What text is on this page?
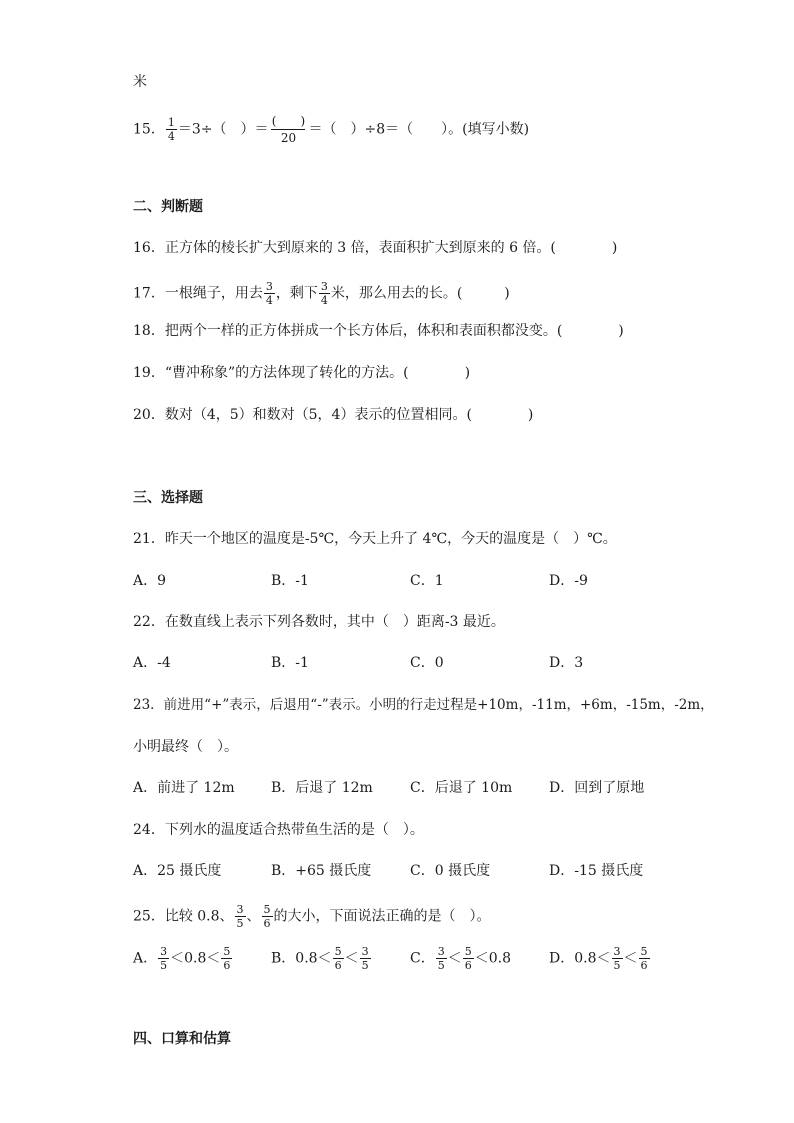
米
15． $\frac{1}{4} =3\div$（　）＝
(　　)
20
＝（　）÷8＝（　　）。(填写小数)
二、判断题
16．正方体的棱长扩大到原来的 3 倍，表面积扩大到原来的 6 倍。(　　　　)
17．一根绳子，用去 $\frac{3}{4}$ ，剩下 $\frac{3}{4}$ 米，那么用去的长。(　　　)
18．把两个一样的正方体拼成一个长方体后，体积和表面积都没变。(　　　　)
19．“曹冲称象”的方法体现了转化的方法。(　　　　)
20．数对（4，5）和数对（5，4）表示的位置相同。(　　　　)
三、选择题
21．昨天一个地区的温度是-5℃，今天上升了 4℃，今天的温度是（　）℃。
A．9	B．-1	C．1	D．-9
22．在数直线上表示下列各数时，其中（　）距离-3 最近。
A．-4	B．-1	C．0	D．3
23．前进用“+”表示，后退用“-”表示。小明的行走过程是+10m，-11m，+6m，-15m，-2m，
小明最终（　）。
A．前进了 12m	B．后退了 12m	C．后退了 10m	D．回到了原地
24．下列水的温度适合热带鱼生活的是（　）。
A．25 摄氏度	B．+65 摄氏度	C．0 摄氏度	D．-15 摄氏度
25．比较 0.8、 $\frac{3}{5}$ 、 $\frac{5}{6}$ 的大小，下面说法正确的是（　）。
A． $\frac{3}{5} <0.8< \frac{5}{6}$	B．$0.8< \frac{5}{6} < \frac{3}{5}$	C． $\frac{3}{5} < \frac{5}{6} <0.8$	D．$0.8< \frac{3}{5} < \frac{5}{6}$
四、口算和估算
